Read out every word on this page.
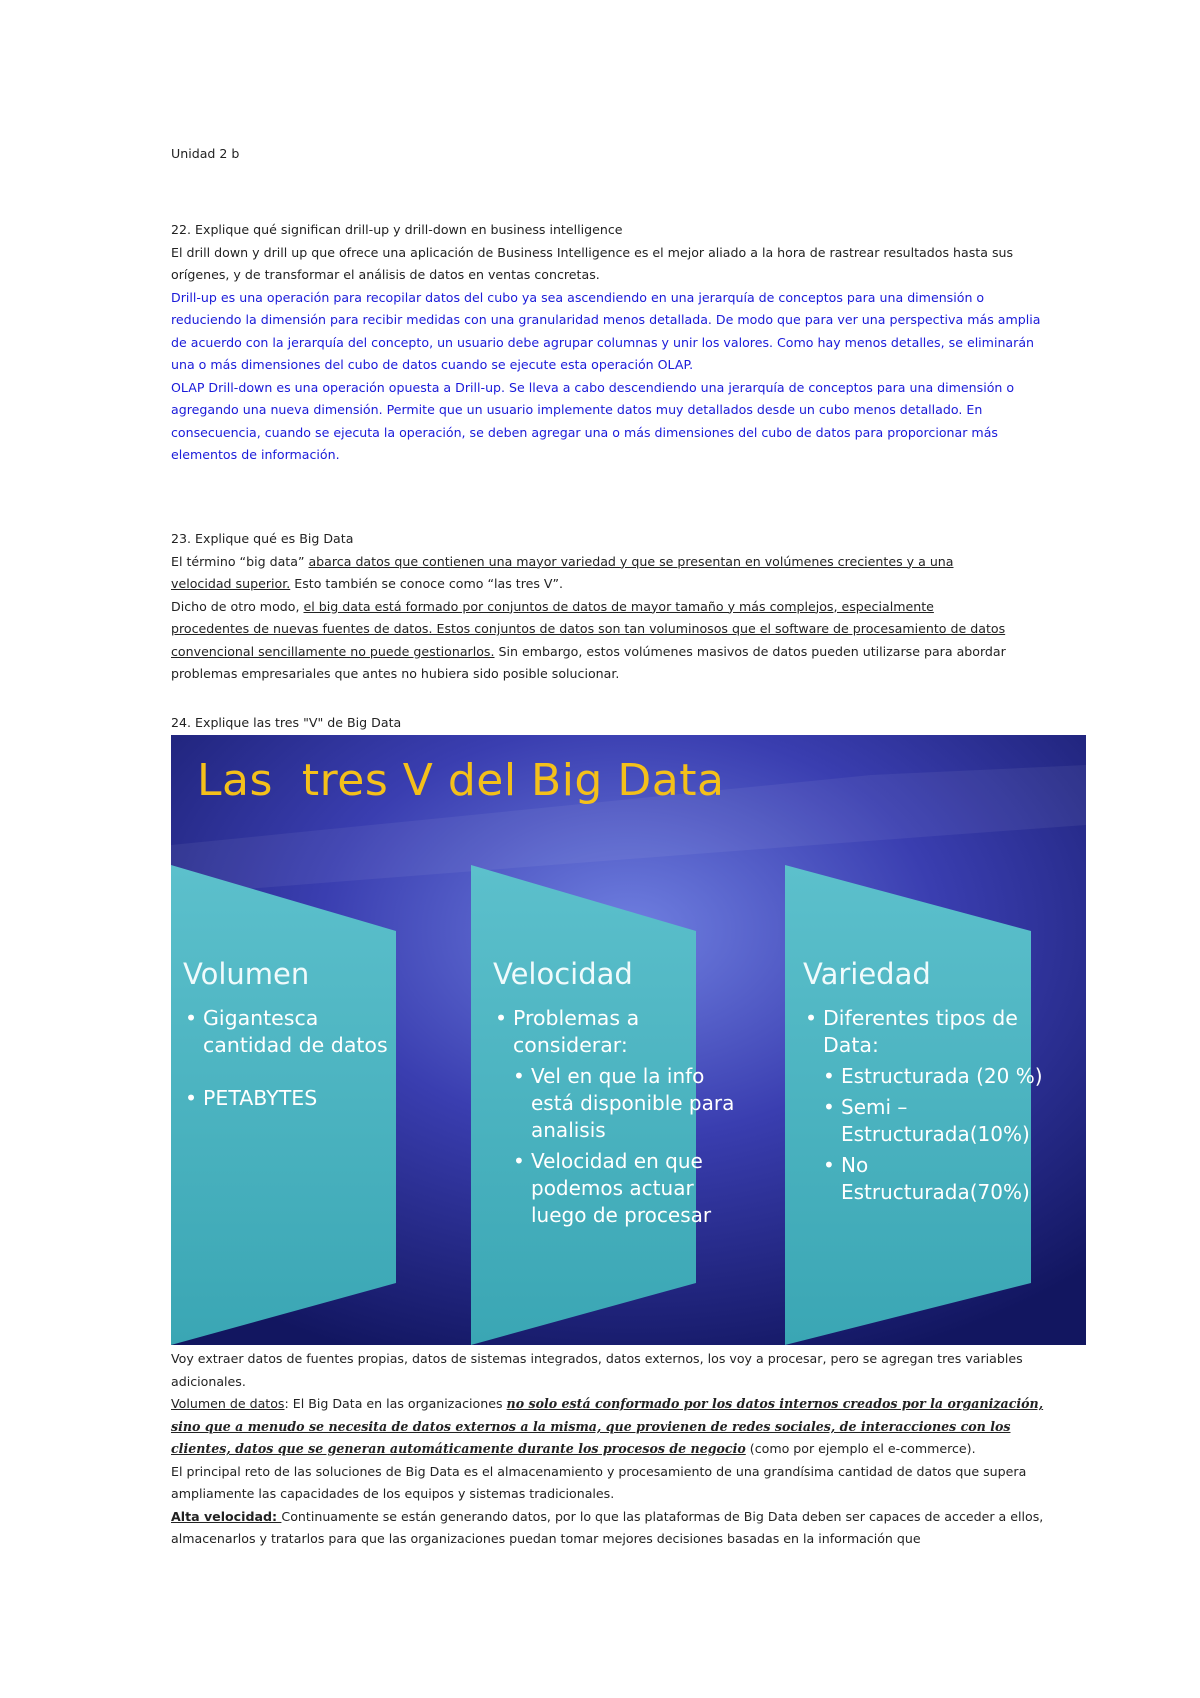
Unidad 2 b

22. Explique qué significan drill-up y drill-down en business intelligence

El drill down y drill up que ofrece una aplicación de Business Intelligence es el mejor aliado a la hora de rastrear resultados hasta sus orígenes, y de transformar el análisis de datos en ventas concretas.

Drill-up es una operación para recopilar datos del cubo ya sea ascendiendo en una jerarquía de conceptos para una dimensión o reduciendo la dimensión para recibir medidas con una granularidad menos detallada. De modo que para ver una perspectiva más amplia de acuerdo con la jerarquía del concepto, un usuario debe agrupar columnas y unir los valores. Como hay menos detalles, se eliminarán una o más dimensiones del cubo de datos cuando se ejecute esta operación OLAP.

OLAP Drill-down es una operación opuesta a Drill-up. Se lleva a cabo descendiendo una jerarquía de conceptos para una dimensión o agregando una nueva dimensión. Permite que un usuario implemente datos muy detallados desde un cubo menos detallado. En consecuencia, cuando se ejecuta la operación, se deben agregar una o más dimensiones del cubo de datos para proporcionar más elementos de información.

23. Explique qué es Big Data

El término “big data” abarca datos que contienen una mayor variedad y que se presentan en volúmenes crecientes y a una velocidad superior. Esto también se conoce como “las tres V”.

Dicho de otro modo, el big data está formado por conjuntos de datos de mayor tamaño y más complejos, especialmente procedentes de nuevas fuentes de datos. Estos conjuntos de datos son tan voluminosos que el software de procesamiento de datos convencional sencillamente no puede gestionarlos. Sin embargo, estos volúmenes masivos de datos pueden utilizarse para abordar problemas empresariales que antes no hubiera sido posible solucionar.

24. Explique las tres "V" de Big Data

Voy extraer datos de fuentes propias, datos de sistemas integrados, datos externos, los voy a procesar, pero se agregan tres variables adicionales.

Volumen de datos: El Big Data en las organizaciones no solo está conformado por los datos internos creados por la organización, sino que a menudo se necesita de datos externos a la misma, que provienen de redes sociales, de interacciones con los clientes, datos que se generan automáticamente durante los procesos de negocio (como por ejemplo el e-commerce).

El principal reto de las soluciones de Big Data es el almacenamiento y procesamiento de una grandísima cantidad de datos que supera ampliamente las capacidades de los equipos y sistemas tradicionales.

Alta velocidad: Continuamente se están generando datos, por lo que las plataformas de Big Data deben ser capaces de acceder a ellos, almacenarlos y tratarlos para que las organizaciones puedan tomar mejores decisiones basadas en la información que

Las  tres V del Big Data
Volumen
• Gigantesca cantidad de datos
• PETABYTES
Velocidad
• Problemas a considerar:
• Vel en que la info está disponible para analisis
• Velocidad en que podemos actuar luego de procesar
Variedad
• Diferentes tipos de Data:
• Estructurada (20 %)
• Semi – Estructurada(10%)
• No Estructurada(70%)
